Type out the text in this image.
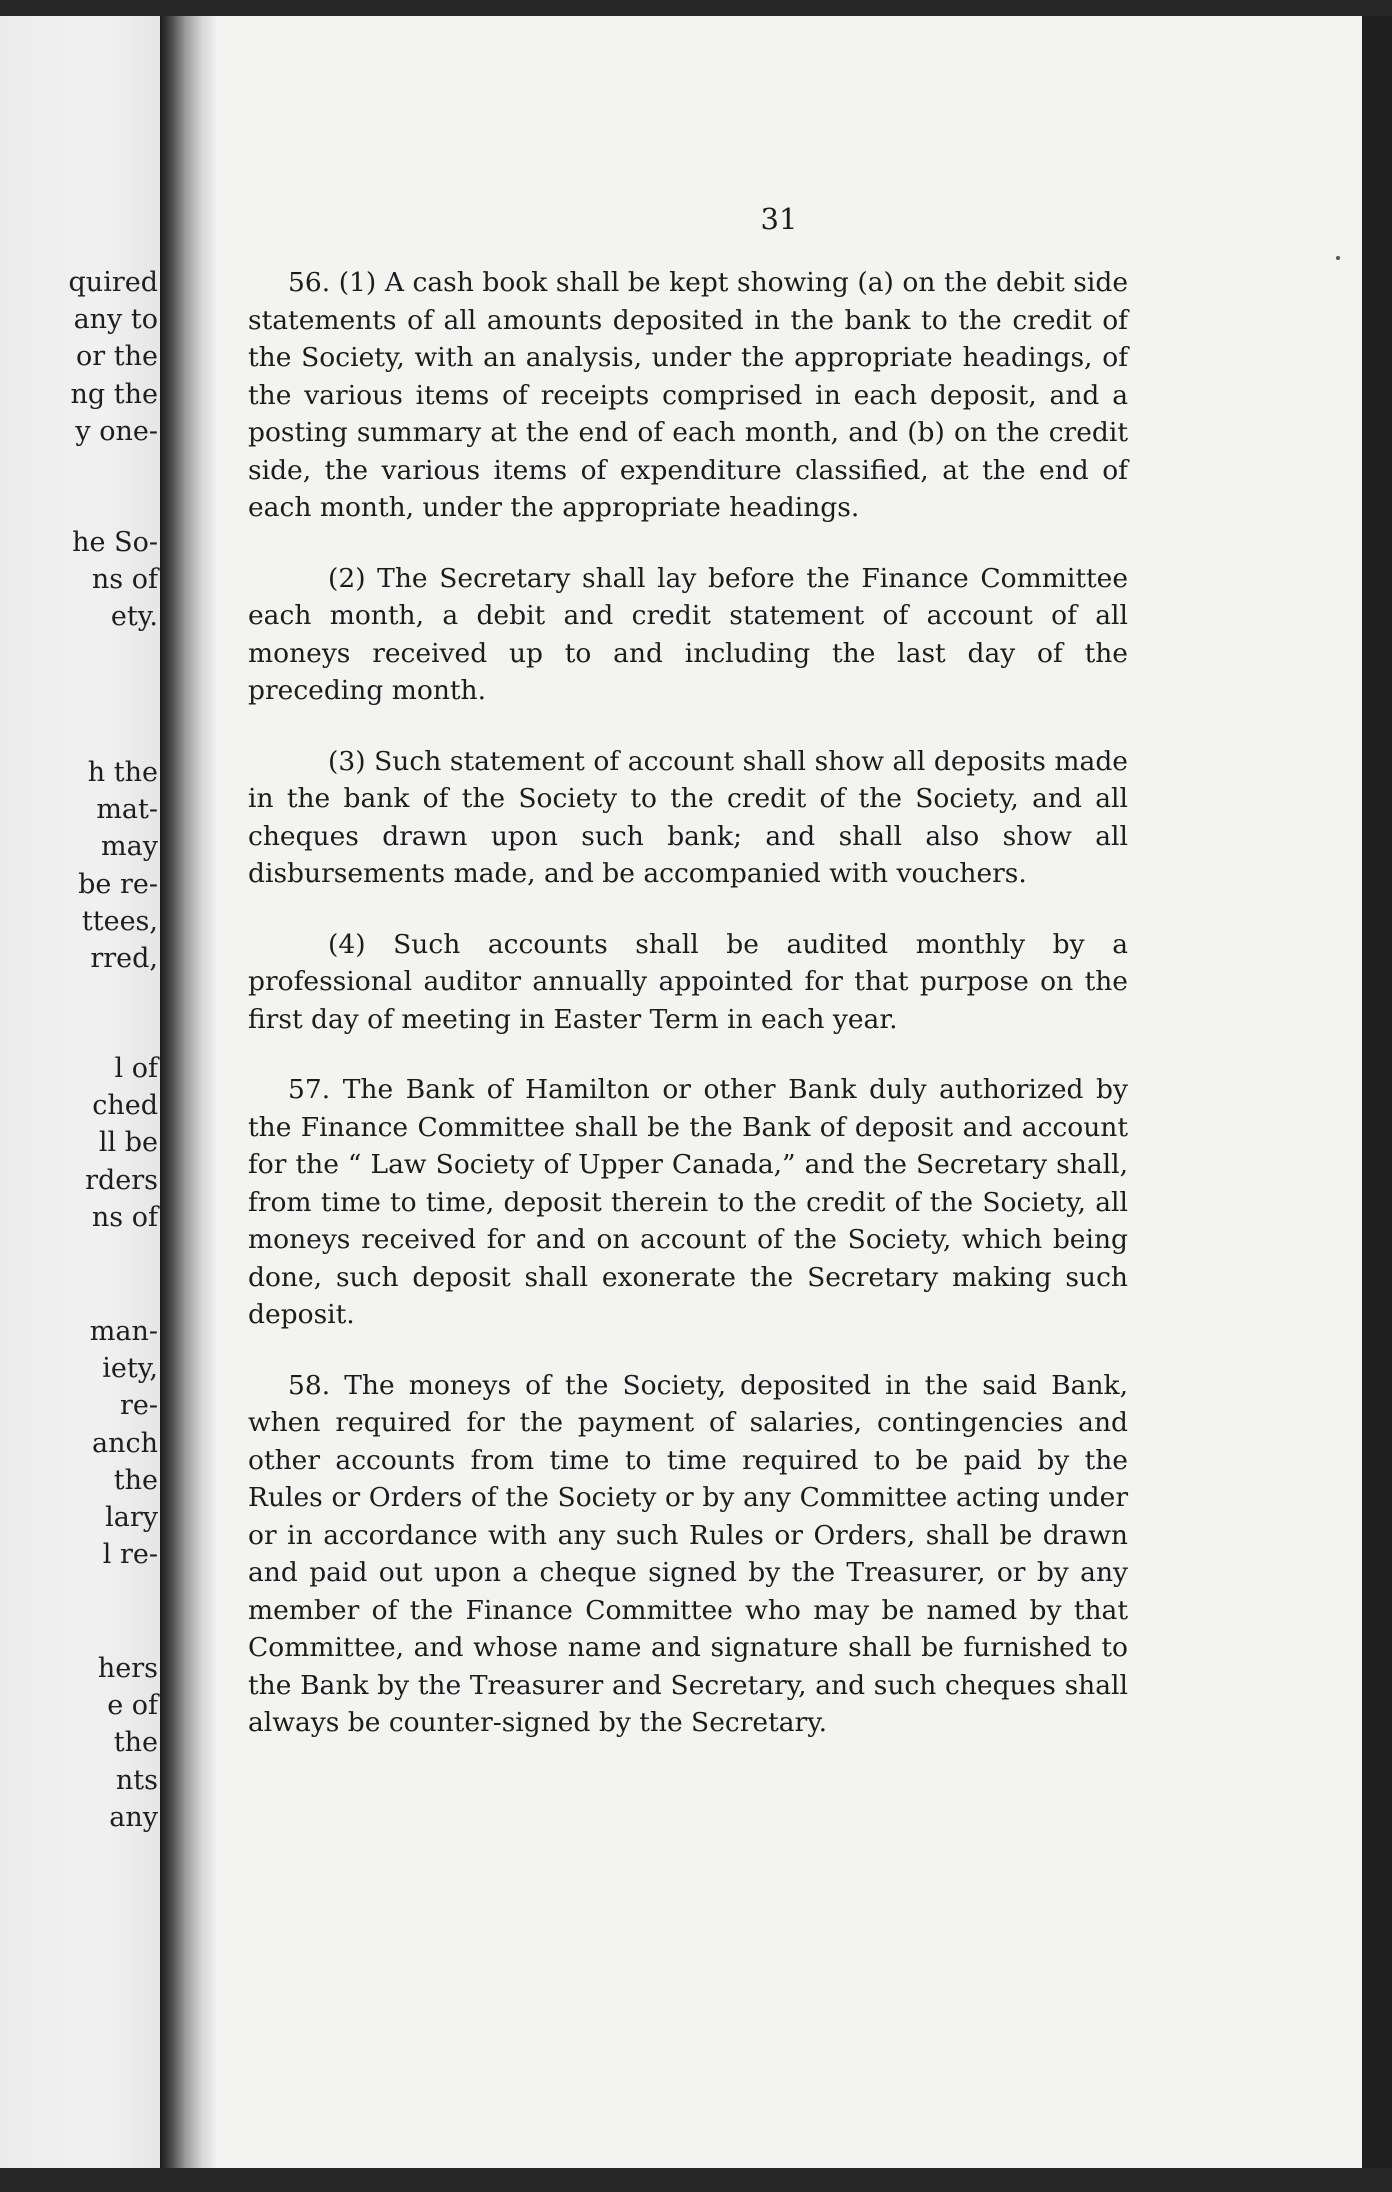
quired
any to
or the
ng the
y one-
he So-
ns of
ety.
h the
mat-
may
be re-
ttees,
rred,
l of
ched
ll be
rders
ns of
man-
iety,
re-
anch
the
lary
l re-
hers
e of
the
nts
any
31

56. (1) A cash book shall be kept showing (a) on the debit side statements of all amounts deposited in the bank to the credit of the Society, with an analysis, under the appropriate headings, of the various items of receipts comprised in each deposit, and a posting summary at the end of each month, and (b) on the credit side, the various items of expenditure classified, at the end of each month, under the appropriate headings.

(2) The Secretary shall lay before the Finance Committee each month, a debit and credit statement of account of all moneys received up to and including the last day of the preceding month.

(3) Such statement of account shall show all deposits made in the bank of the Society to the credit of the Society, and all cheques drawn upon such bank; and shall also show all disbursements made, and be accompanied with vouchers.

(4) Such accounts shall be audited monthly by a professional auditor annually appointed for that purpose on the first day of meeting in Easter Term in each year.

57. The Bank of Hamilton or other Bank duly authorized by the Finance Committee shall be the Bank of deposit and account for the “ Law Society of Upper Canada,” and the Secretary shall, from time to time, deposit therein to the credit of the Society, all moneys received for and on account of the Society, which being done, such deposit shall exonerate the Secretary making such deposit.

58. The moneys of the Society, deposited in the said Bank, when required for the payment of salaries, contingencies and other accounts from time to time required to be paid by the Rules or Orders of the Society or by any Committee acting under or in accordance with any such Rules or Orders, shall be drawn and paid out upon a cheque signed by the Treasurer, or by any member of the Finance Committee who may be named by that Committee, and whose name and signature shall be furnished to the Bank by the Treasurer and Secretary, and such cheques shall always be counter-signed by the Secretary.
